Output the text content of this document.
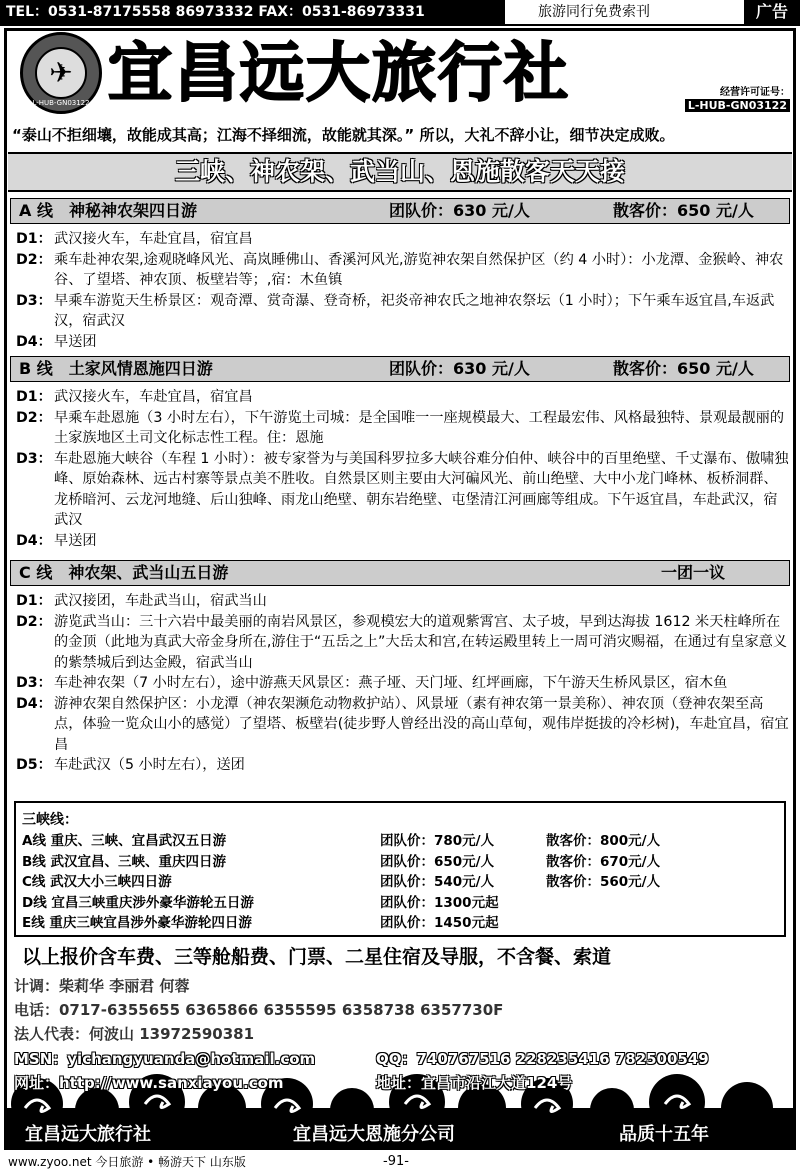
TEL：0531-87175558 86973332 FAX：0531-86973331	旅游同行免费索刊	广告
✈
L-HUB-GN03122 宜昌远大旅行社	经营许可证号：
L-HUB-GN03122
“泰山不拒细壤，故能成其高；江海不择细流，故能就其深。” 所以，大礼不辞小让，细节决定成败。
三峡、神农架、武当山、恩施散客天天接
A 线　神秘神农架四日游	团队价：630 元/人	散客价：650 元/人
D1： 武汉接火车，车赴宜昌，宿宜昌
D2： 乘车赴神农架,途观晓峰风光、高岚睡佛山、香溪河风光,游览神农架自然保护区（约 4 小时）：小龙潭、金猴岭、神农谷、了望塔、神农顶、板壁岩等；,宿：木鱼镇
D3： 早乘车游览天生桥景区：观奇潭、赏奇瀑、登奇桥，祀炎帝神农氏之地神农祭坛（1 小时）；下午乘车返宜昌,车返武汉，宿武汉
D4： 早送团
B 线　土家风情恩施四日游	团队价：630 元/人	散客价：650 元/人
D1： 武汉接火车，车赴宜昌，宿宜昌
D2： 早乘车赴恩施（3 小时左右），下午游览土司城：是全国唯一一座规模最大、工程最宏伟、风格最独特、景观最靓丽的土家族地区土司文化标志性工程。住：恩施
D3： 车赴恩施大峡谷（车程 1 小时）：被专家誉为与美国科罗拉多大峡谷难分伯仲、峡谷中的百里绝壁、千丈瀑布、傲啸独峰、原始森林、远古村寨等景点美不胜收。自然景区则主要由大河碥风光、前山绝壁、大中小龙门峰林、板桥洞群、龙桥暗河、云龙河地缝、后山独峰、雨龙山绝壁、朝东岩绝壁、屯堡清江河画廊等组成。下午返宜昌，车赴武汉，宿武汉
D4： 早送团
C 线　神农架、武当山五日游	一团一议
D1： 武汉接团，车赴武当山，宿武当山
D2： 游览武当山：三十六岩中最美丽的南岩风景区，参观模宏大的道观紫霄宫、太子坡，早到达海拔 1612 米天柱峰所在的金顶（此地为真武大帝金身所在,游住于“五岳之上”大岳太和宫,在转运殿里转上一周可消灾赐福，在通过有皇家意义的紫禁城后到达金殿，宿武当山
D3： 车赴神农架（7 小时左右），途中游燕天风景区：燕子垭、天门垭、红坪画廊，下午游天生桥风景区，宿木鱼
D4： 游神农架自然保护区：小龙潭（神农架濒危动物救护站）、风景垭（素有神农第一景美称）、神农顶（登神农架至高点，体验一览众山小的感觉）了望塔、板壁岩(徒步野人曾经出没的高山草甸，观伟岸挺拔的冷杉树)，车赴宜昌，宿宜昌
D5： 车赴武汉（5 小时左右），送团
三峡线：
A线 重庆、三峡、宜昌武汉五日游	团队价：780元/人	散客价：800元/人
B线 武汉宜昌、三峡、重庆四日游	团队价：650元/人	散客价：670元/人
C线 武汉大小三峡四日游	团队价：540元/人	散客价：560元/人
D线 宜昌三峡重庆涉外豪华游轮五日游	团队价：1300元起
E线 重庆三峡宜昌涉外豪华游轮四日游	团队价：1450元起
以上报价含车费、三等舱船费、门票、二星住宿及导服，不含餐、索道
计调：柴莉华 李丽君 何蓉
电话：0717-6355655 6365866 6355595 6358738 6357730F
法人代表：何波山 13972590381
MSN：yichangyuanda@hotmail.com	QQ：740767516 228235416 782500549
网址：http://www.sanxiayou.com	地址：宜昌市沿江大道124号
宜昌远大旅行社	宜昌远大恩施分公司	品质十五年
www.zyoo.net 今日旅游 • 畅游天下 山东版	-91-
